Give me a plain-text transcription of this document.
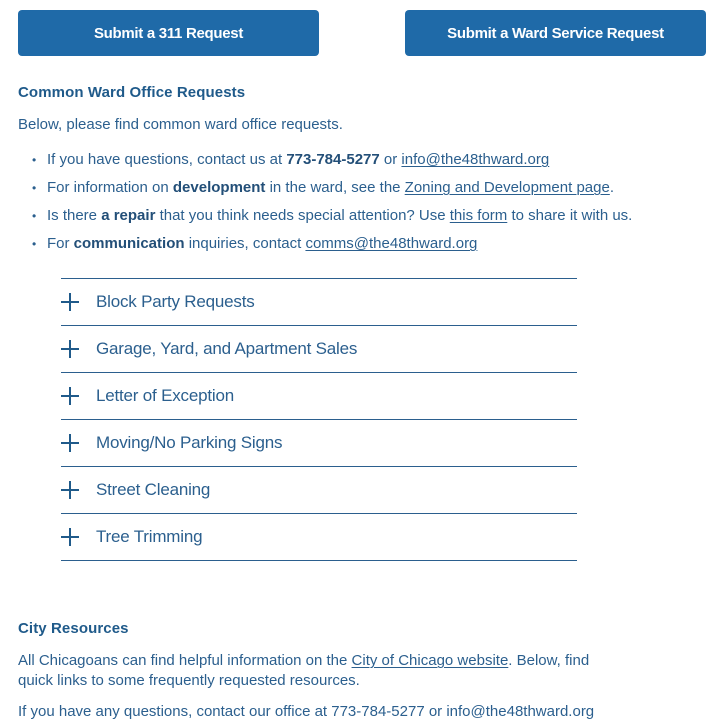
Submit a 311 Request	Submit a Ward Service Request
Common Ward Office Requests
Below, please find common ward office requests.
• If you have questions, contact us at 773-784-5277 or info@the48thward.org
• For information on development in the ward, see the Zoning and Development page.
• Is there a repair that you think needs special attention? Use this form to share it with us.
• For communication inquiries, contact comms@the48thward.org
Block Party Requests
Garage, Yard, and Apartment Sales
Letter of Exception
Moving/No Parking Signs
Street Cleaning
Tree Trimming
City Resources
All Chicagoans can find helpful information on the City of Chicago website. Below, find
quick links to some frequently requested resources.
If you have any questions, contact our office at 773-784-5277 or info@the48thward.org
